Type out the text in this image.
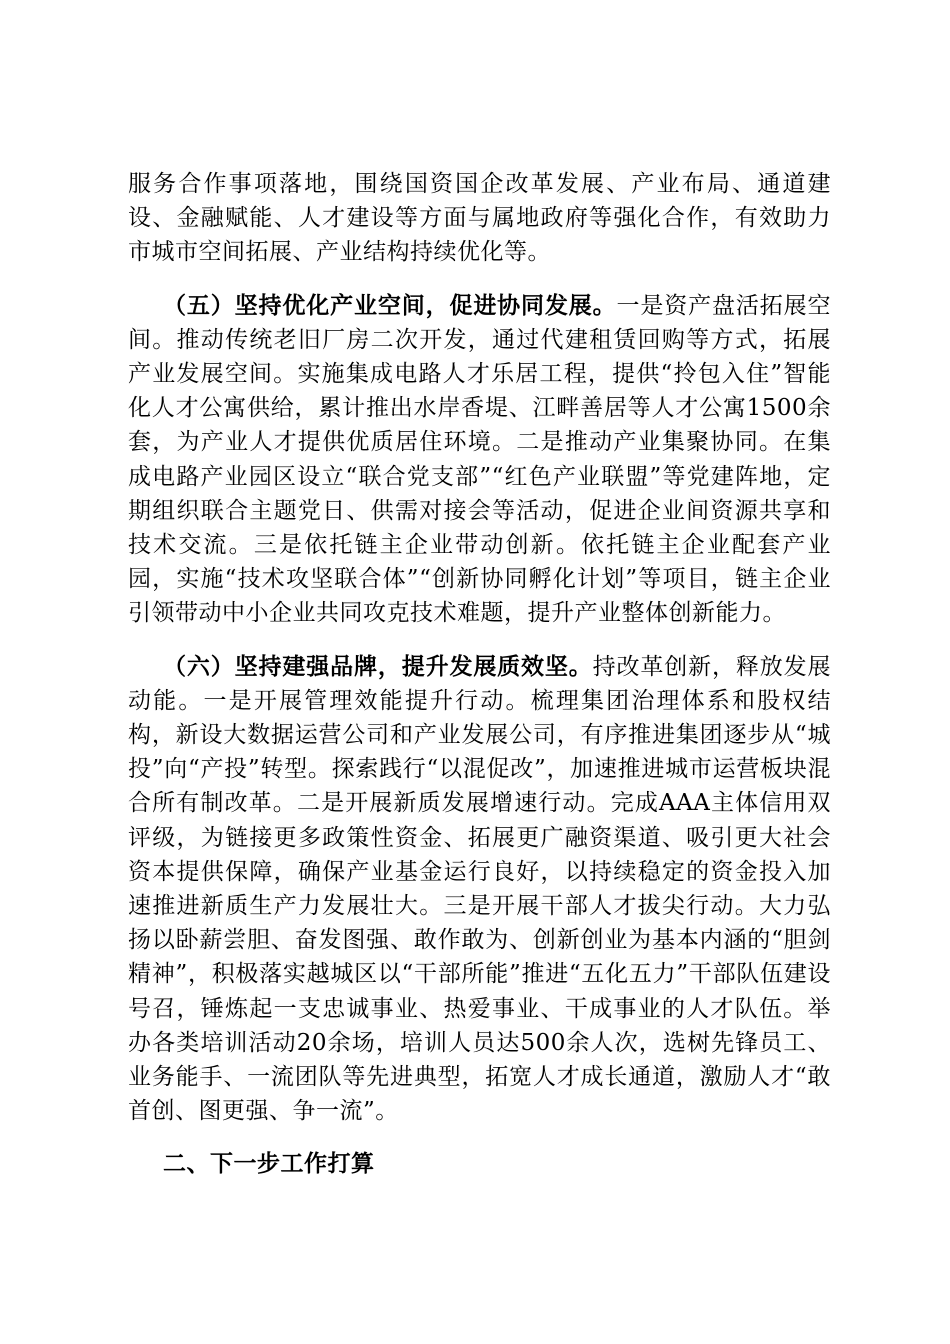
服务合作事项落地，围绕国资国企改革发展、产业布局、通道建设、金融赋能、人才建设等方面与属地政府等强化合作，有效助力市城市空间拓展、产业结构持续优化等。

（五）坚持优化产业空间，促进协同发展。一是资产盘活拓展空间。推动传统老旧厂房二次开发，通过代建租赁回购等方式，拓展产业发展空间。实施集成电路人才乐居工程，提供“拎包入住”智能化人才公寓供给，累计推出水岸香堤、江畔善居等人才公寓1500余套，为产业人才提供优质居住环境。二是推动产业集聚协同。在集成电路产业园区设立“联合党支部”“红色产业联盟”等党建阵地，定期组织联合主题党日、供需对接会等活动，促进企业间资源共享和技术交流。三是依托链主企业带动创新。依托链主企业配套产业园，实施“技术攻坚联合体”“创新协同孵化计划”等项目，链主企业引领带动中小企业共同攻克技术难题，提升产业整体创新能力。

（六）坚持建强品牌，提升发展质效坚。持改革创新，释放发展动能。一是开展管理效能提升行动。梳理集团治理体系和股权结构，新设大数据运营公司和产业发展公司，有序推进集团逐步从“城投”向“产投”转型。探索践行“以混促改”，加速推进城市运营板块混合所有制改革。二是开展新质发展增速行动。完成AAA主体信用双评级，为链接更多政策性资金、拓展更广融资渠道、吸引更大社会资本提供保障，确保产业基金运行良好，以持续稳定的资金投入加速推进新质生产力发展壮大。三是开展干部人才拔尖行动。大力弘扬以卧薪尝胆、奋发图强、敢作敢为、创新创业为基本内涵的“胆剑精神”，积极落实越城区以“干部所能”推进“五化五力”干部队伍建设号召，锤炼起一支忠诚事业、热爱事业、干成事业的人才队伍。举办各类培训活动20余场，培训人员达500余人次，选树先锋员工、业务能手、一流团队等先进典型，拓宽人才成长通道，激励人才“敢首创、图更强、争一流”。

二、下一步工作打算
